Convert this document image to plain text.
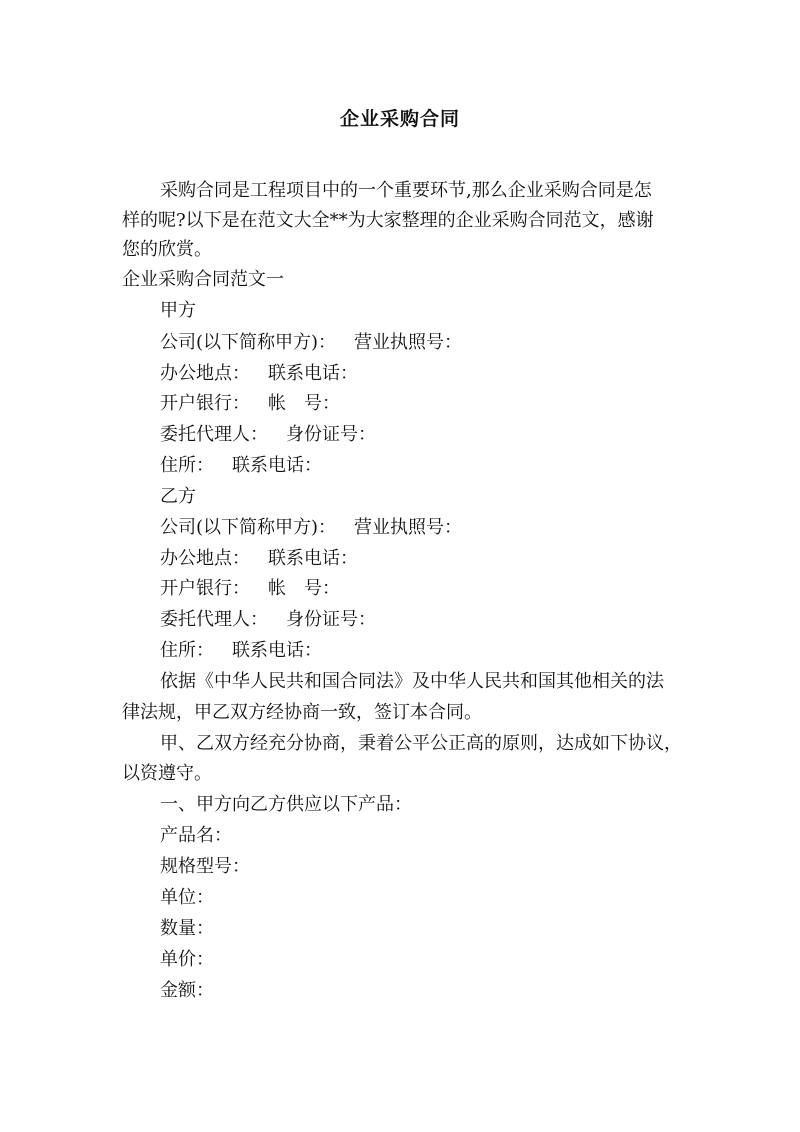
企业采购合同
采购合同是工程项目中的一个重要环节,那么企业采购合同是怎
样的呢?以下是在范文大全**为大家整理的企业采购合同范文，感谢
您的欣赏。
企业采购合同范文一
甲方
公司(以下简称甲方)： 营业执照号：
办公地点： 联系电话：
开户银行： 帐　号：
委托代理人： 身份证号：
住所： 联系电话：
乙方
公司(以下简称甲方)： 营业执照号：
办公地点： 联系电话：
开户银行： 帐　号：
委托代理人： 身份证号：
住所： 联系电话：
依据《中华人民共和国合同法》及中华人民共和国其他相关的法
律法规，甲乙双方经协商一致，签订本合同。
甲、乙双方经充分协商，秉着公平公正高的原则，达成如下协议，
以资遵守。
一、甲方向乙方供应以下产品：
产品名：
规格型号：
单位：
数量：
单价：
金额：
